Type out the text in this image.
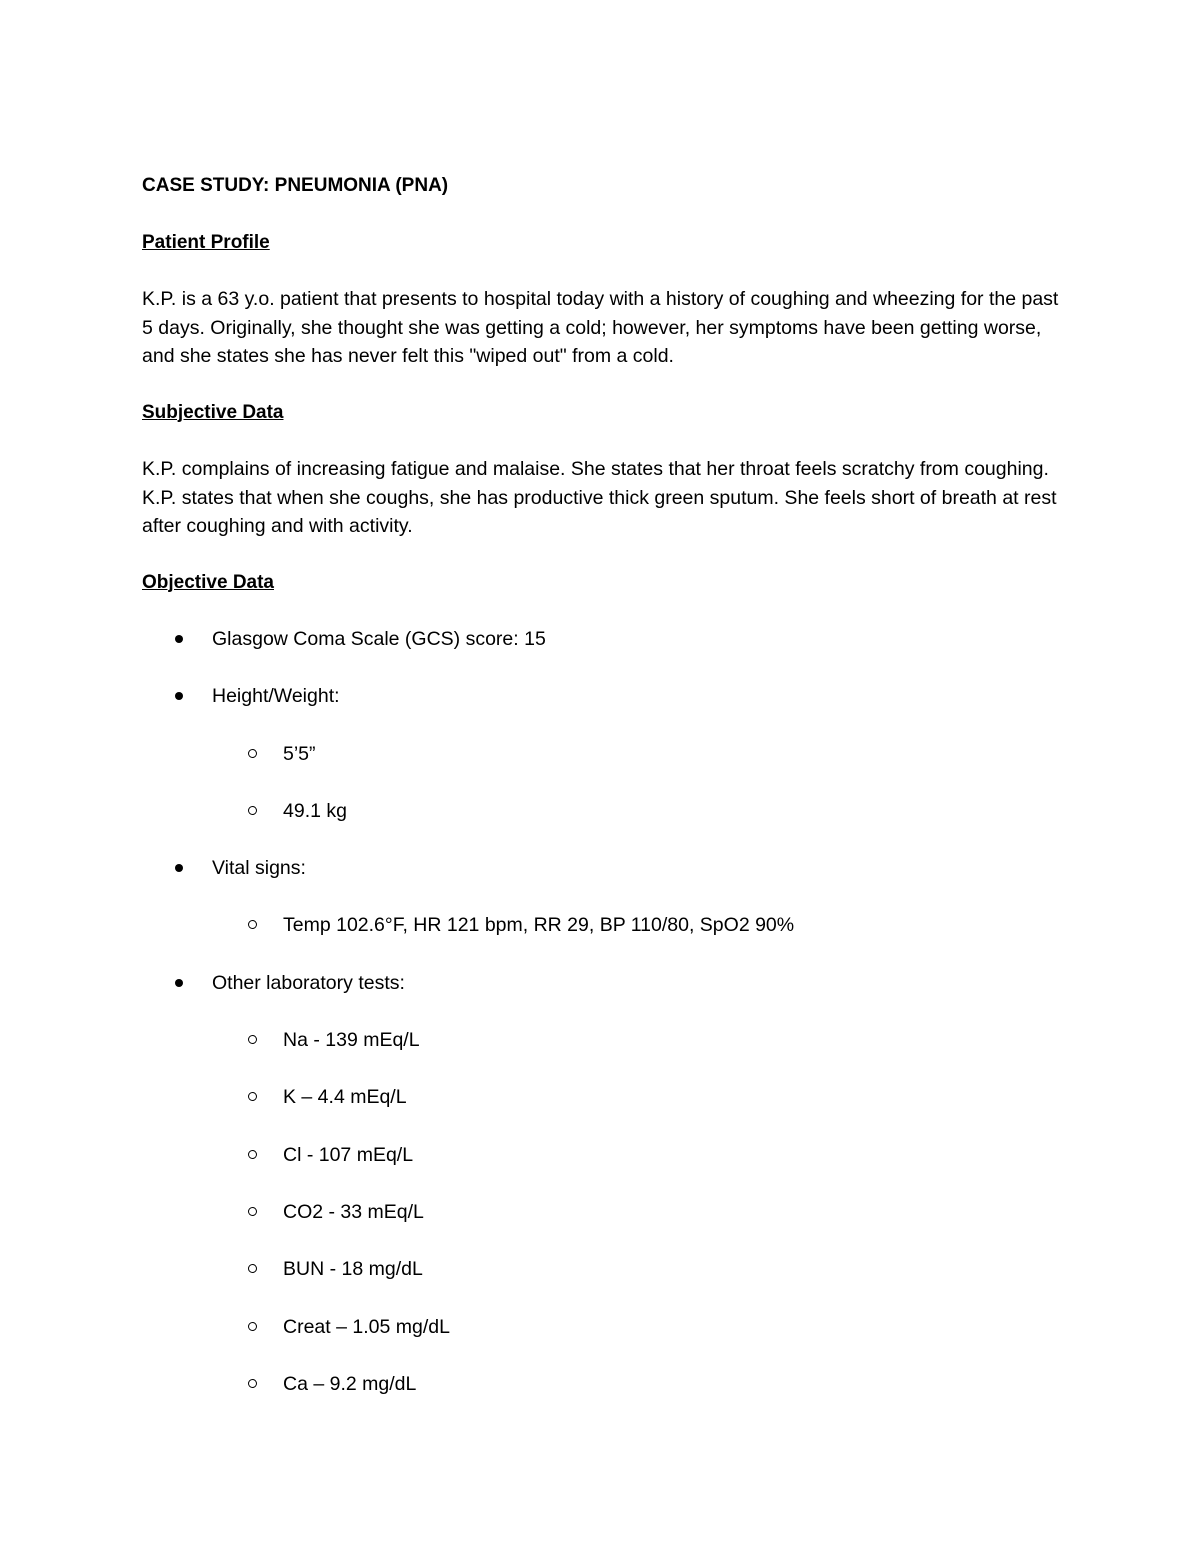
CASE STUDY: PNEUMONIA (PNA)
Patient Profile

K.P. is a 63 y.o. patient that presents to hospital today with a history of coughing and wheezing for the past 5 days. Originally, she thought she was getting a cold; however, her symptoms have been getting worse, and she states she has never felt this "wiped out" from a cold.

Subjective Data

K.P. complains of increasing fatigue and malaise. She states that her throat feels scratchy from coughing. K.P. states that when she coughs, she has productive thick green sputum. She feels short of breath at rest after coughing and with activity.

Objective Data
Glasgow Coma Scale (GCS) score: 15
Height/Weight:
5’5”
49.1 kg
Vital signs:
Temp 102.6°F, HR 121 bpm, RR 29, BP 110/80, SpO2 90%
Other laboratory tests:
Na - 139 mEq/L
K – 4.4 mEq/L
Cl - 107 mEq/L
CO2 - 33 mEq/L
BUN - 18 mg/dL
Creat – 1.05 mg/dL
Ca – 9.2 mg/dL
